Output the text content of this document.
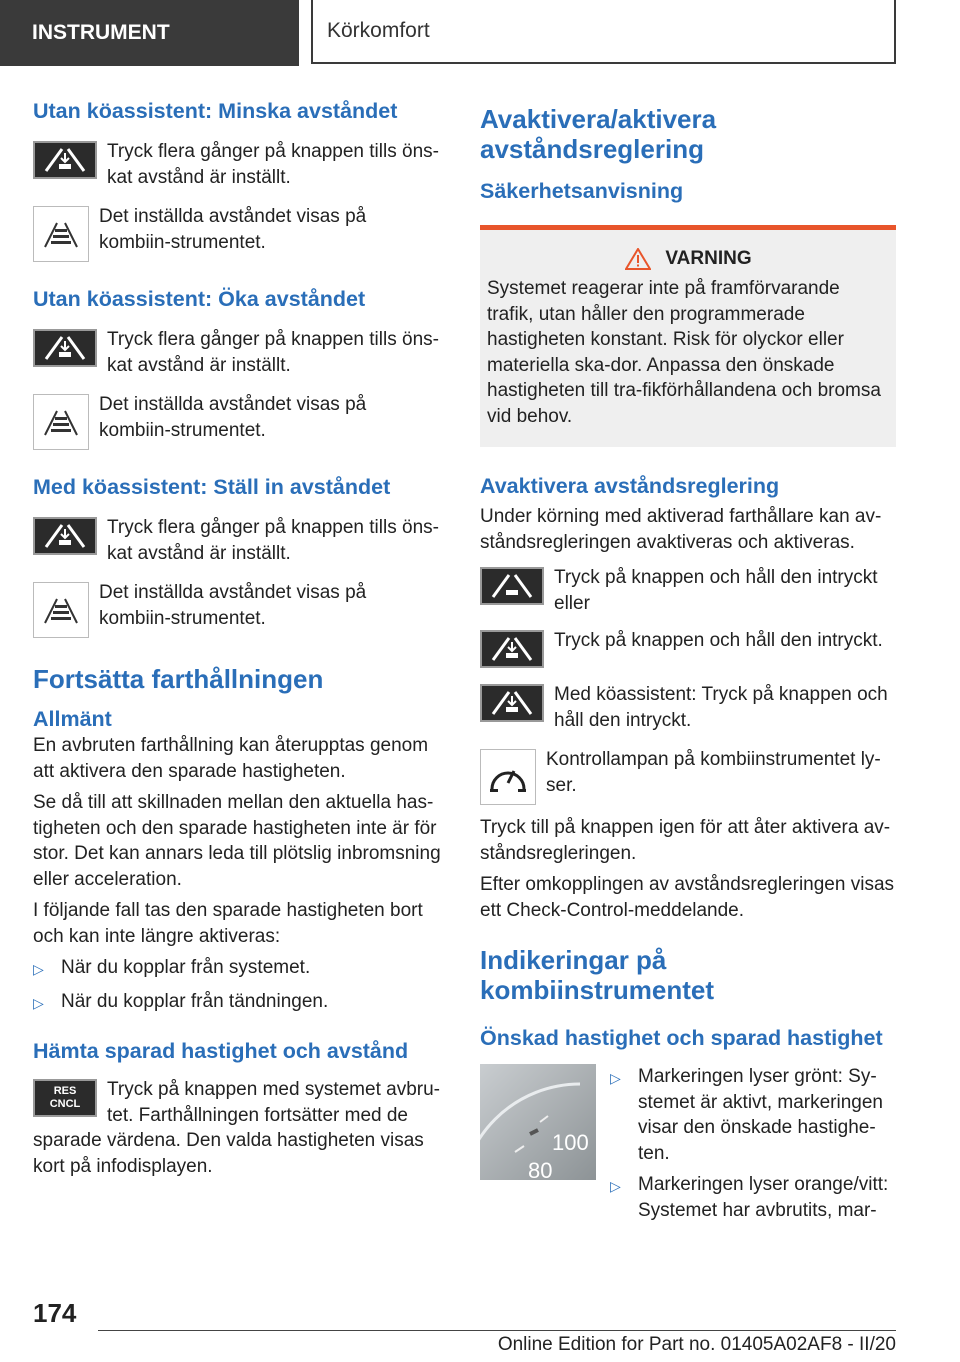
INSTRUMENT	Körkomfort
Utan köassistent: Minska avståndet

Tryck flera gånger på knappen tills öns-kat avstånd är inställt.

Det inställda avståndet visas på kombiin-strumentet.

Utan köassistent: Öka avståndet

Tryck flera gånger på knappen tills öns-kat avstånd är inställt.

Det inställda avståndet visas på kombiin-strumentet.

Med köassistent: Ställ in avståndet

Tryck flera gånger på knappen tills öns-kat avstånd är inställt.

Det inställda avståndet visas på kombiin-strumentet.

Fortsätta farthållningen
Allmänt

En avbruten farthållning kan återupptas genom att aktivera den sparade hastigheten.

Se då till att skillnaden mellan den aktuella has-tigheten och den sparade hastigheten inte är för stor. Det kan annars leda till plötslig inbromsning eller acceleration.

I följande fall tas den sparade hastigheten bort och kan inte längre aktiveras:

▷ När du kopplar från systemet.
▷ När du kopplar från tändningen.
Hämta sparad hastighet och avstånd
RES
CNCL

Tryck på knappen med systemet avbru-tet. Farthållningen fortsätter med de

sparade värdena. Den valda hastigheten visas kort på infodisplayen.

Avaktivera/aktivera avståndsreglering
Säkerhetsanvisning
VARNING

Systemet reagerar inte på framförvarande trafik, utan håller den programmerade hastigheten konstant. Risk för olyckor eller materiella ska-dor. Anpassa den önskade hastigheten till tra-fikförhållandena och bromsa vid behov.

Avaktivera avståndsreglering

Under körning med aktiverad farthållare kan av-ståndsregleringen avaktiveras och aktiveras.

Tryck på knappen och håll den intryckt eller

Tryck på knappen och håll den intryckt.

Med köassistent: Tryck på knappen och håll den intryckt.

Kontrollampan på kombiinstrumentet ly-ser.

Tryck till på knappen igen för att åter aktivera av-ståndsregleringen.

Efter omkopplingen av avståndsregleringen visas ett Check-Control-meddelande.

Indikeringar på kombiinstrumentet
Önskad hastighet och sparad hastighet
100
80
▷ Markeringen lyser grönt: Sy-stemet är aktivt, markeringen visar den önskade hastighe-ten.
▷ Markeringen lyser orange/vitt: Systemet har avbrutits, mar-
174
Online Edition for Part no. 01405A02AF8 - II/20
